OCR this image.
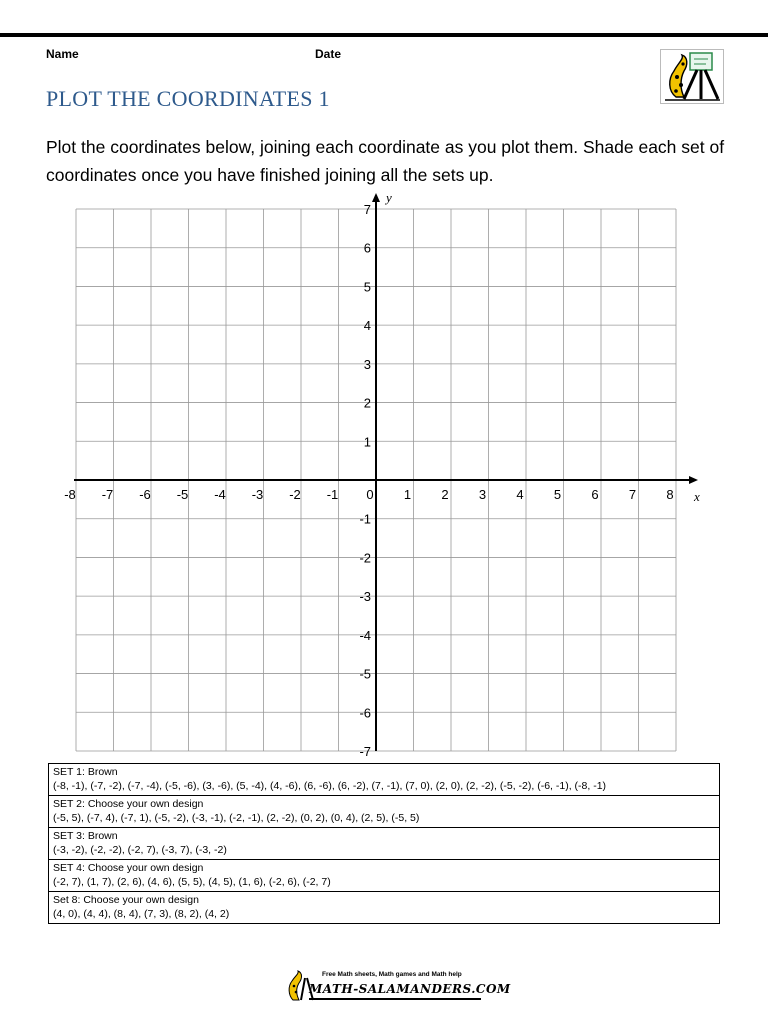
Name	Date
PLOT THE COORDINATES 1
Plot the coordinates below, joining each coordinate as you plot them. Shade each set of coordinates once you have finished joining all the sets up.
-8 -7 -6 -5 -4 -3 -2 -1 0 1 2 3 4 5 6 7 8
7
6
5
4
3
2
1
-1
-2
-3
-4
-5
-6
-7
x
y
SET 1: Brown
(-8, -1), (-7, -2), (-7, -4), (-5, -6), (3, -6), (5, -4), (4, -6), (6, -6), (6, -2), (7, -1), (7, 0), (2, 0), (2, -2), (-5, -2), (-6, -1), (-8, -1)

SET 2: Choose your own design
(-5, 5), (-7, 4), (-7, 1), (-5, -2), (-3, -1), (-2, -1), (2, -2), (0, 2), (0, 4), (2, 5), (-5, 5)

SET 3: Brown
(-3, -2), (-2, -2), (-2, 7), (-3, 7), (-3, -2)

SET 4: Choose your own design
(-2, 7), (1, 7), (2, 6), (4, 6), (5, 5), (4, 5), (1, 6), (-2, 6), (-2, 7)

Set 8: Choose your own design
(4, 0), (4, 4), (8, 4), (7, 3), (8, 2), (4, 2)
Free Math sheets, Math games and Math help
MATH-SALAMANDERS.COM
